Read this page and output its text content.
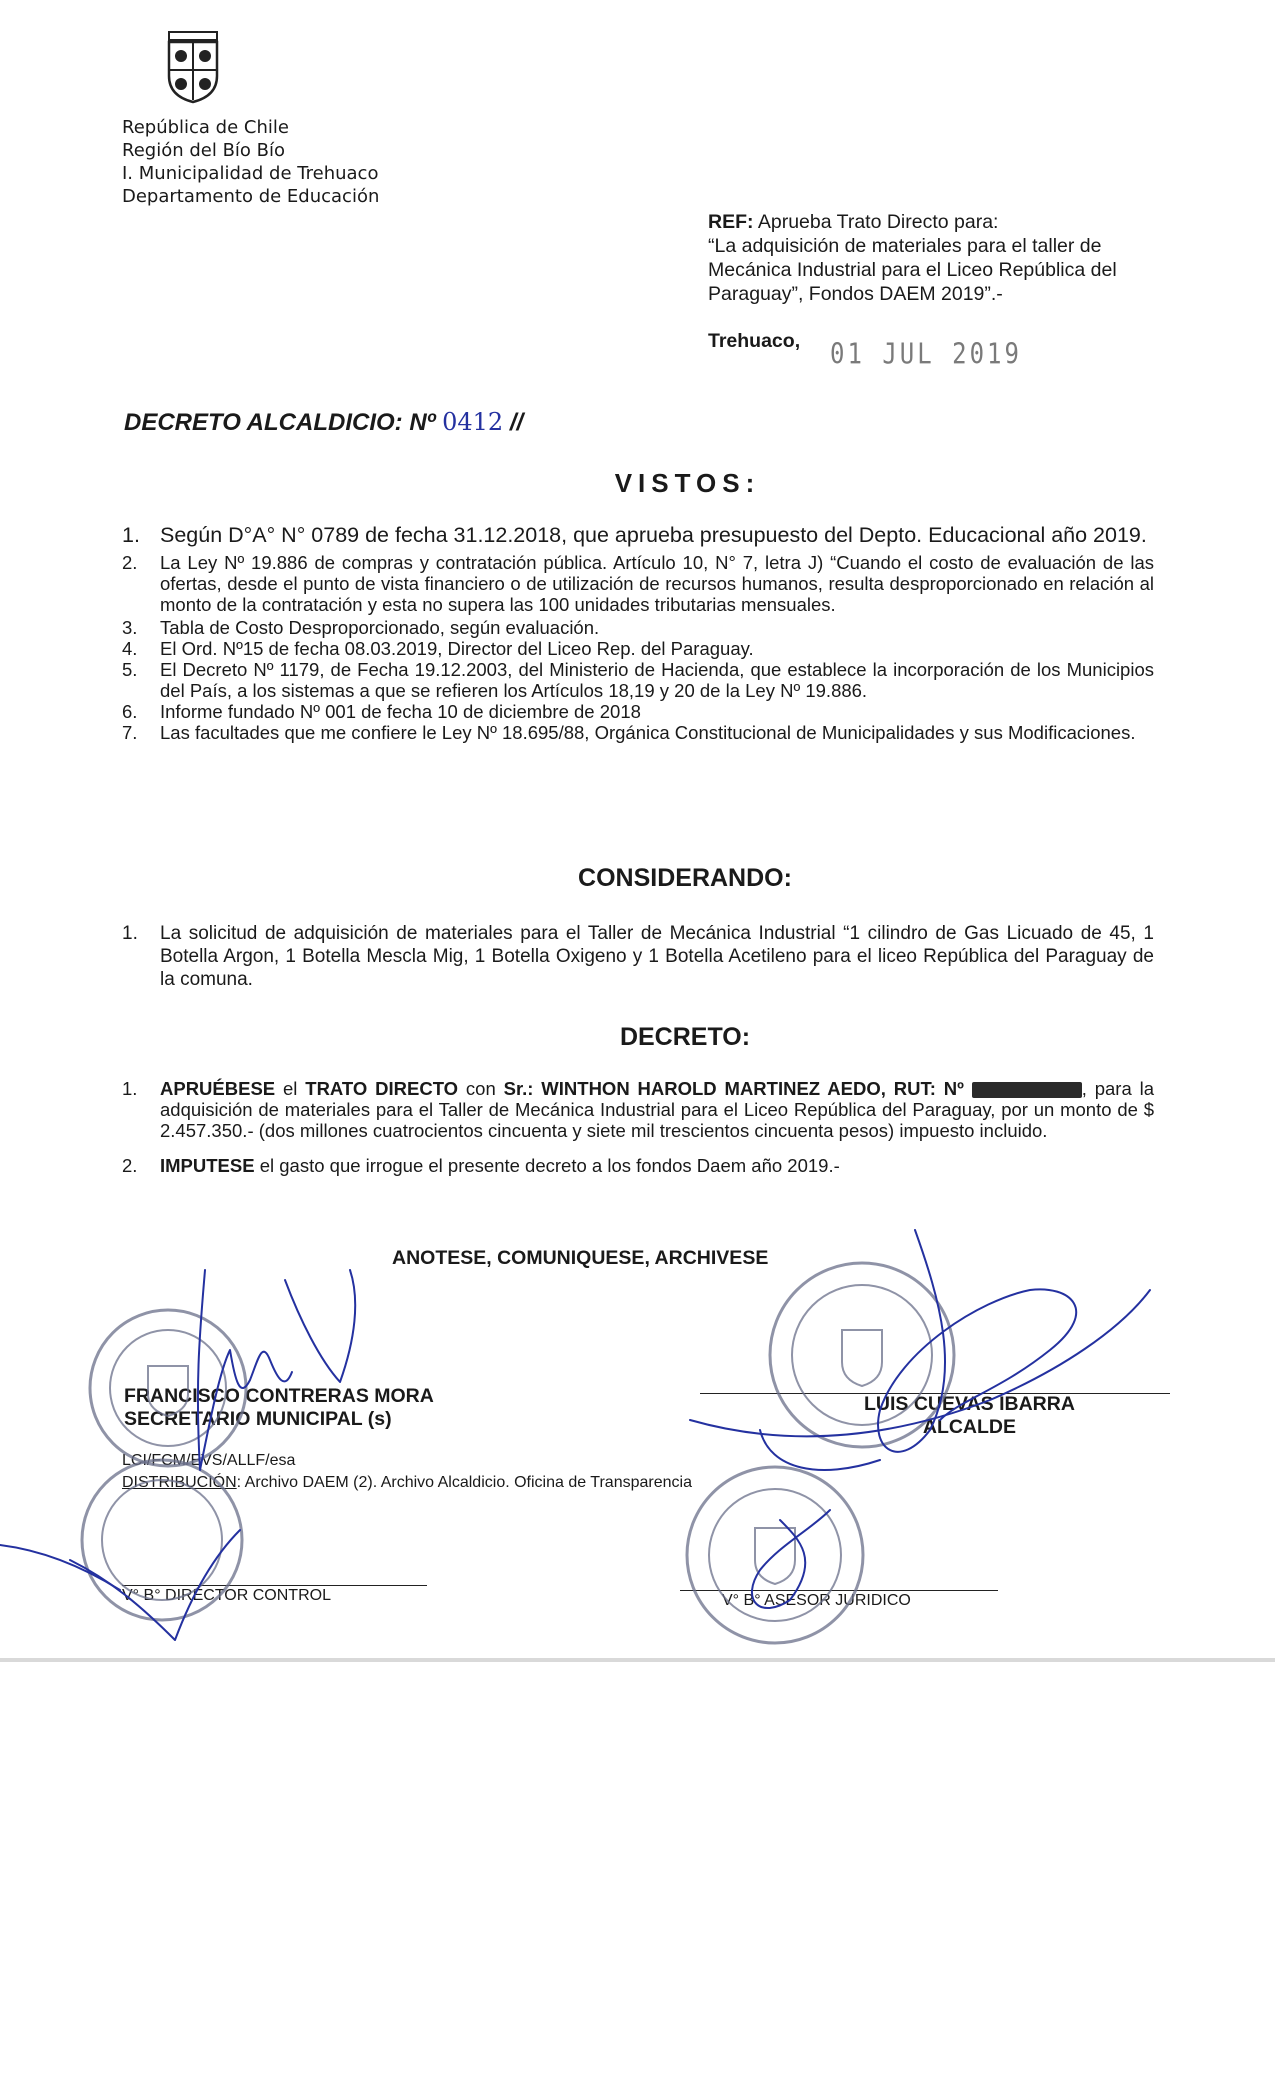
República de Chile
Región del Bío Bío
I. Municipalidad de Trehuaco
Departamento de Educación
REF: Aprueba Trato Directo para:
“La adquisición de materiales para el taller de
Mecánica Industrial para el Liceo República del
Paraguay”, Fondos DAEM 2019”.-
Trehuaco, 01 JUL 2019
DECRETO ALCALDICIO: Nº 0412 //
VISTOS:
1. Según D°A° N° 0789 de fecha 31.12.2018, que aprueba presupuesto del Depto. Educacional año 2019.
2. La Ley Nº 19.886 de compras y contratación pública. Artículo 10, N° 7, letra J) “Cuando el costo de evaluación de las ofertas, desde el punto de vista financiero o de utilización de recursos humanos, resulta desproporcionado en relación al monto de la contratación y esta no supera las 100 unidades tributarias mensuales.
3. Tabla de Costo Desproporcionado, según evaluación.
4. El Ord. Nº15 de fecha 08.03.2019, Director del Liceo Rep. del Paraguay.
5. El Decreto Nº 1179, de Fecha 19.12.2003, del Ministerio de Hacienda, que establece la incorporación de los Municipios del País, a los sistemas a que se refieren los Artículos 18,19 y 20 de la Ley Nº 19.886.
6. Informe fundado Nº 001 de fecha 10 de diciembre de 2018
7. Las facultades que me confiere le Ley Nº 18.695/88, Orgánica Constitucional de Municipalidades y sus Modificaciones.
CONSIDERANDO:
1. La solicitud de adquisición de materiales para el Taller de Mecánica Industrial “1 cilindro de Gas Licuado de 45, 1 Botella Argon, 1 Botella Mescla Mig, 1 Botella Oxigeno y 1 Botella Acetileno para el liceo República del Paraguay de la comuna.
DECRETO:
1. APRUÉBESE el TRATO DIRECTO con Sr.: WINTHON HAROLD MARTINEZ AEDO, RUT: Nº	, para la adquisición de materiales para el Taller de Mecánica Industrial para el Liceo República del Paraguay, por un monto de $ 2.457.350.- (dos millones cuatrocientos cincuenta y siete mil trescientos cincuenta pesos) impuesto incluido.
2. IMPUTESE el gasto que irrogue el presente decreto a los fondos Daem año 2019.-
ANOTESE, COMUNIQUESE, ARCHIVESE
FRANCISCO CONTRERAS MORA
SECRETARIO MUNICIPAL (s)
LUIS CUEVAS IBARRA
ALCALDE
LCI/FCM/EVS/ALLF/esa
DISTRIBUCIÓN: Archivo DAEM (2). Archivo Alcaldicio. Oficina de Transparencia
V° B° DIRECTOR CONTROL	V° B° ASESOR JURIDICO
